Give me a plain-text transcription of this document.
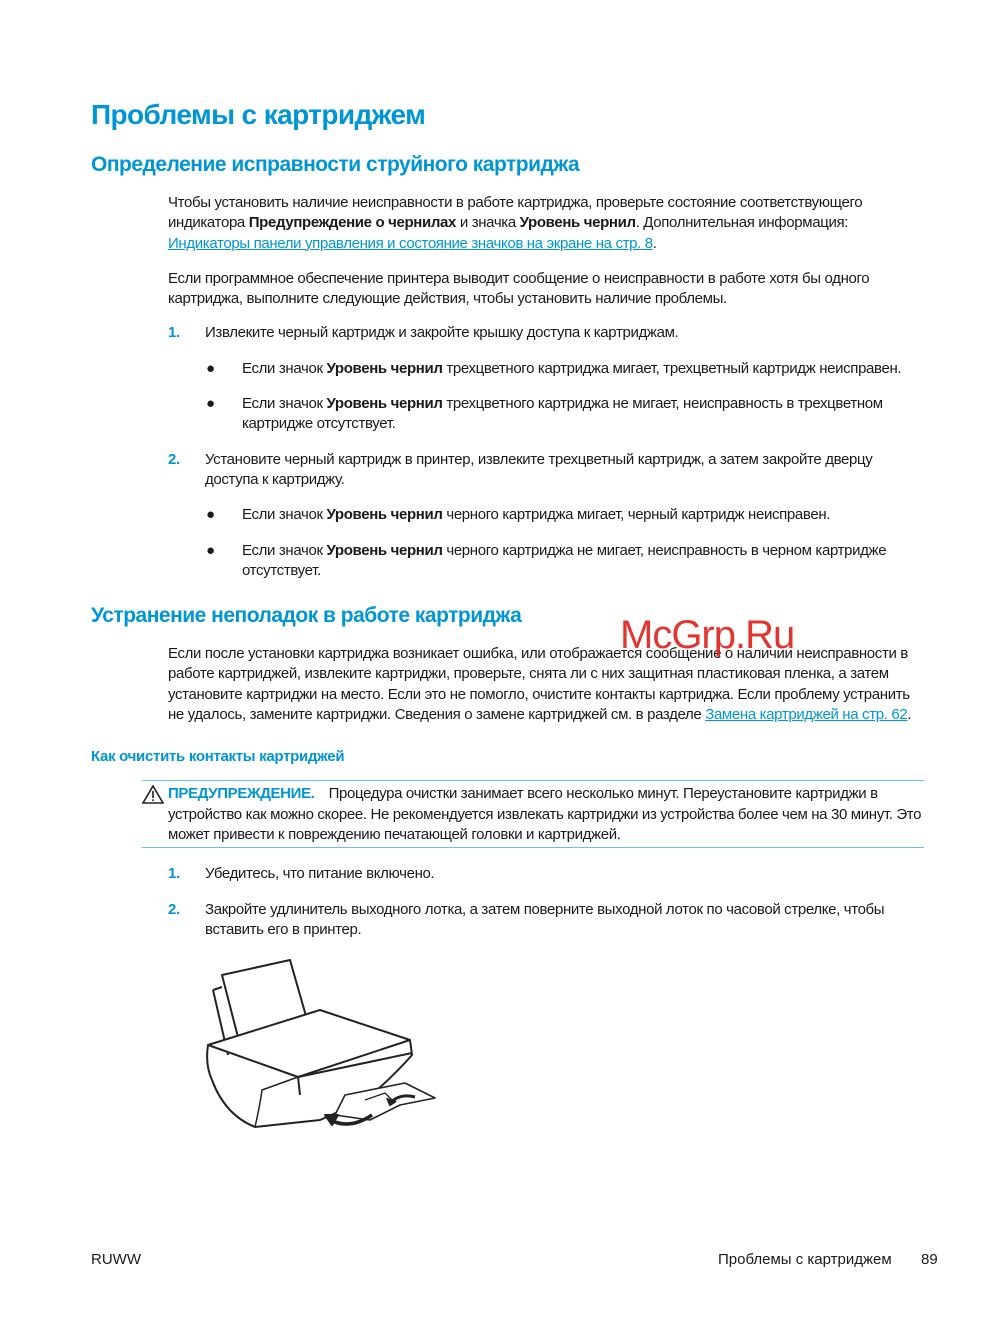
Проблемы с картриджем
Определение исправности струйного картриджа
Чтобы установить наличие неисправности в работе картриджа, проверьте состояние соответствующего индикатора Предупреждение о чернилах и значка Уровень чернил. Дополнительная информация: Индикаторы панели управления и состояние значков на экране на стр. 8.
Если программное обеспечение принтера выводит сообщение о неисправности в работе хотя бы одного картриджа, выполните следующие действия, чтобы установить наличие проблемы.
1.	Извлеките черный картридж и закройте крышку доступа к картриджам.
●	Если значок Уровень чернил трехцветного картриджа мигает, трехцветный картридж неисправен.
●	Если значок Уровень чернил трехцветного картриджа не мигает, неисправность в трехцветном картридже отсутствует.
2.	Установите черный картридж в принтер, извлеките трехцветный картридж, а затем закройте дверцу доступа к картриджу.
●	Если значок Уровень чернил черного картриджа мигает, черный картридж неисправен.
●	Если значок Уровень чернил черного картриджа не мигает, неисправность в черном картридже отсутствует.
Устранение неполадок в работе картриджа
Если после установки картриджа возникает ошибка, или отображается сообщение о наличии неисправности в работе картриджей, извлеките картриджи, проверьте, снята ли с них защитная пластиковая пленка, а затем установите картриджи на место. Если это не помогло, очистите контакты картриджа. Если проблему устранить не удалось, замените картриджи. Сведения о замене картриджей см. в разделе Замена картриджей на стр. 62.
Как очистить контакты картриджей
ПРЕДУПРЕЖДЕНИЕ. Процедура очистки занимает всего несколько минут. Переустановите картриджи в устройство как можно скорее. Не рекомендуется извлекать картриджи из устройства более чем на 30 минут. Это может привести к повреждению печатающей головки и картриджей.
1.	Убедитесь, что питание включено.
2.	Закройте удлинитель выходного лотка, а затем поверните выходной лоток по часовой стрелке, чтобы вставить его в принтер.
McGrp.Ru
RUWW	Проблемы с картриджем 89
